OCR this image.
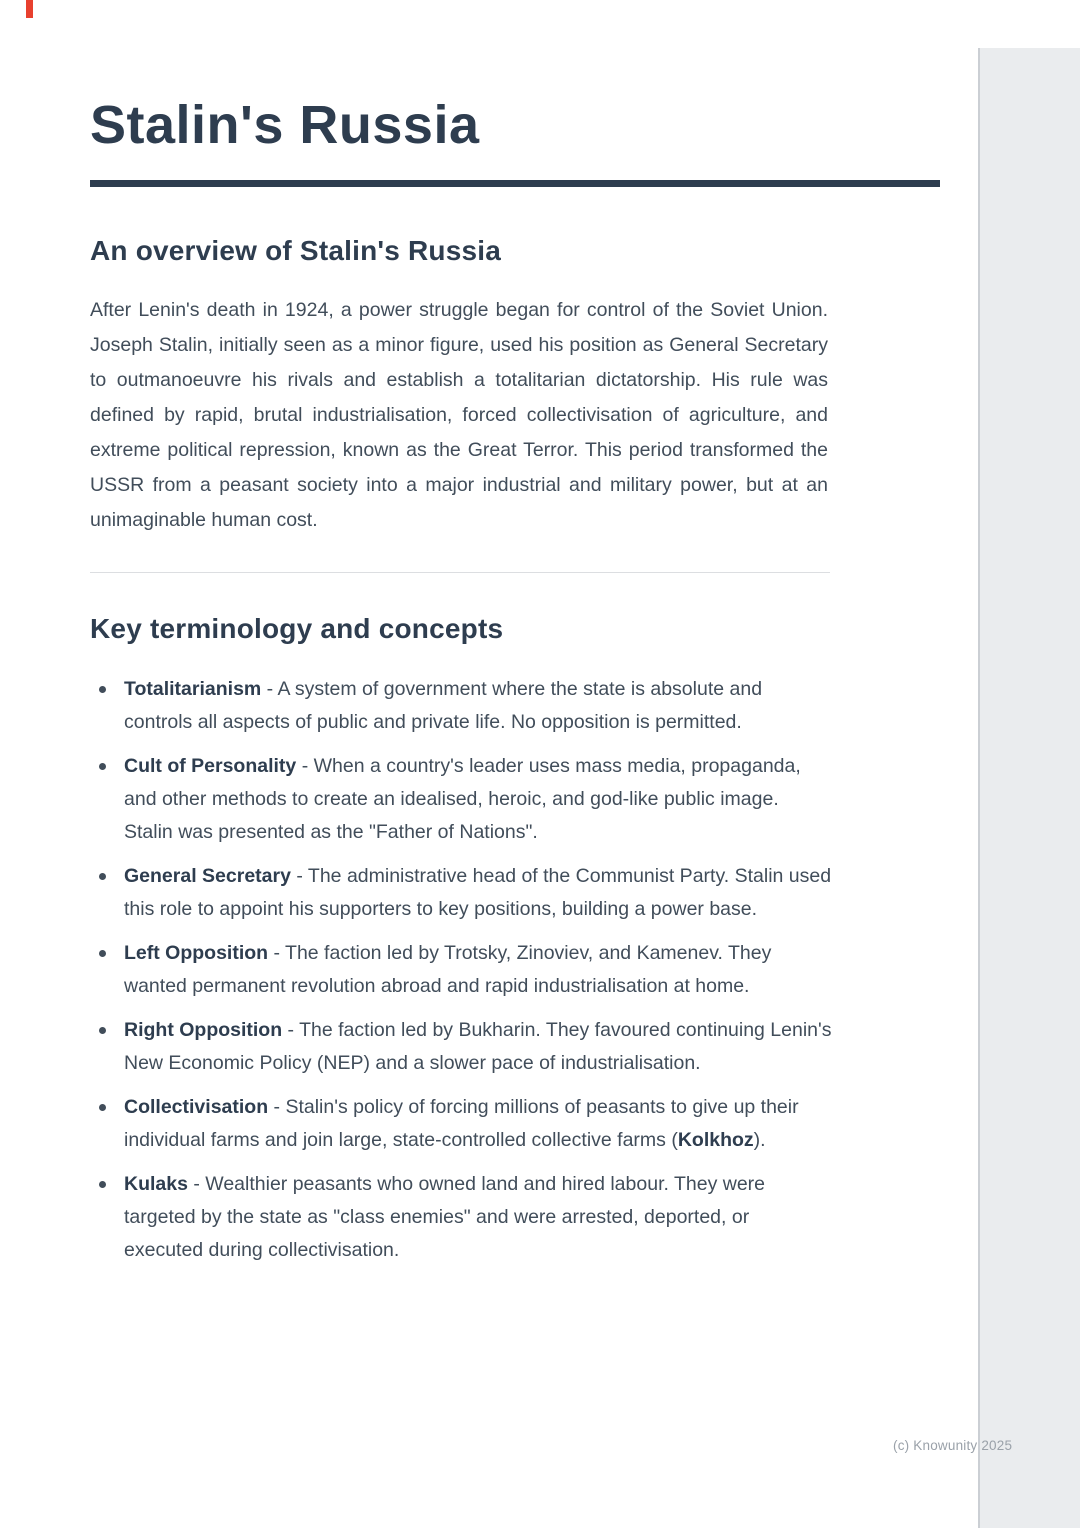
Stalin's Russia
An overview of Stalin's Russia

After Lenin's death in 1924, a power struggle began for control of the Soviet Union. Joseph Stalin, initially seen as a minor figure, used his position as General Secretary to outmanoeuvre his rivals and establish a totalitarian dictatorship. His rule was defined by rapid, brutal industrialisation, forced collectivisation of agriculture, and extreme political repression, known as the Great Terror. This period transformed the USSR from a peasant society into a major industrial and military power, but at an unimaginable human cost.

Key terminology and concepts
Totalitarianism - A system of government where the state is absolute and controls all aspects of public and private life. No opposition is permitted.
Cult of Personality - When a country's leader uses mass media, propaganda, and other methods to create an idealised, heroic, and god-like public image. Stalin was presented as the "Father of Nations".
General Secretary - The administrative head of the Communist Party. Stalin used this role to appoint his supporters to key positions, building a power base.
Left Opposition - The faction led by Trotsky, Zinoviev, and Kamenev. They wanted permanent revolution abroad and rapid industrialisation at home.
Right Opposition - The faction led by Bukharin. They favoured continuing Lenin's New Economic Policy (NEP) and a slower pace of industrialisation.
Collectivisation - Stalin's policy of forcing millions of peasants to give up their individual farms and join large, state-controlled collective farms (Kolkhoz).
Kulaks - Wealthier peasants who owned land and hired labour. They were targeted by the state as "class enemies" and were arrested, deported, or executed during collectivisation.
(c) Knowunity 2025
